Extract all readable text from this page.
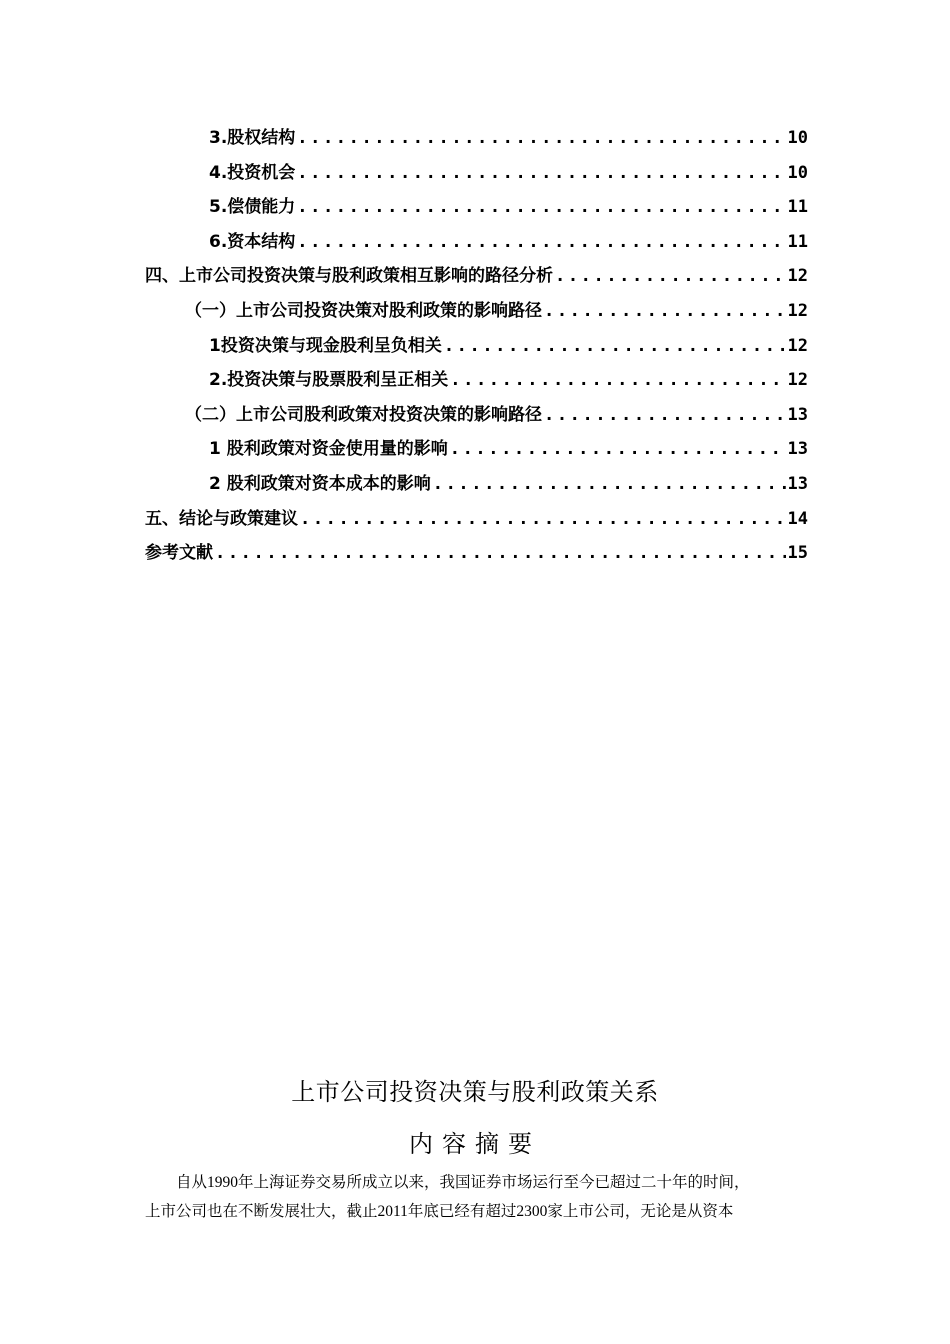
3.股权结构 .....	10
4.投资机会 .....	10
5.偿债能力 .....	11
6.资本结构 .....	11
四、上市公司投资决策与股利政策相互影响的路径分析 .....	12
（一）上市公司投资决策对股利政策的影响路径 .....	12
1投资决策与现金股利呈负相关 .....	12
2.投资决策与股票股利呈正相关 .....	12
（二）上市公司股利政策对投资决策的影响路径 .....	13
1 股利政策对资金使用量的影响 .....	13
2 股利政策对资本成本的影响 .....	13
五、结论与政策建议 .....	14
参考文献 .....	15
上市公司投资决策与股利政策关系
内容摘要
自从1990年上海证券交易所成立以来，我国证券市场运行至今已超过二十年的时间，
上市公司也在不断发展壮大，截止2011年底已经有超过2300家上市公司，无论是从资本
